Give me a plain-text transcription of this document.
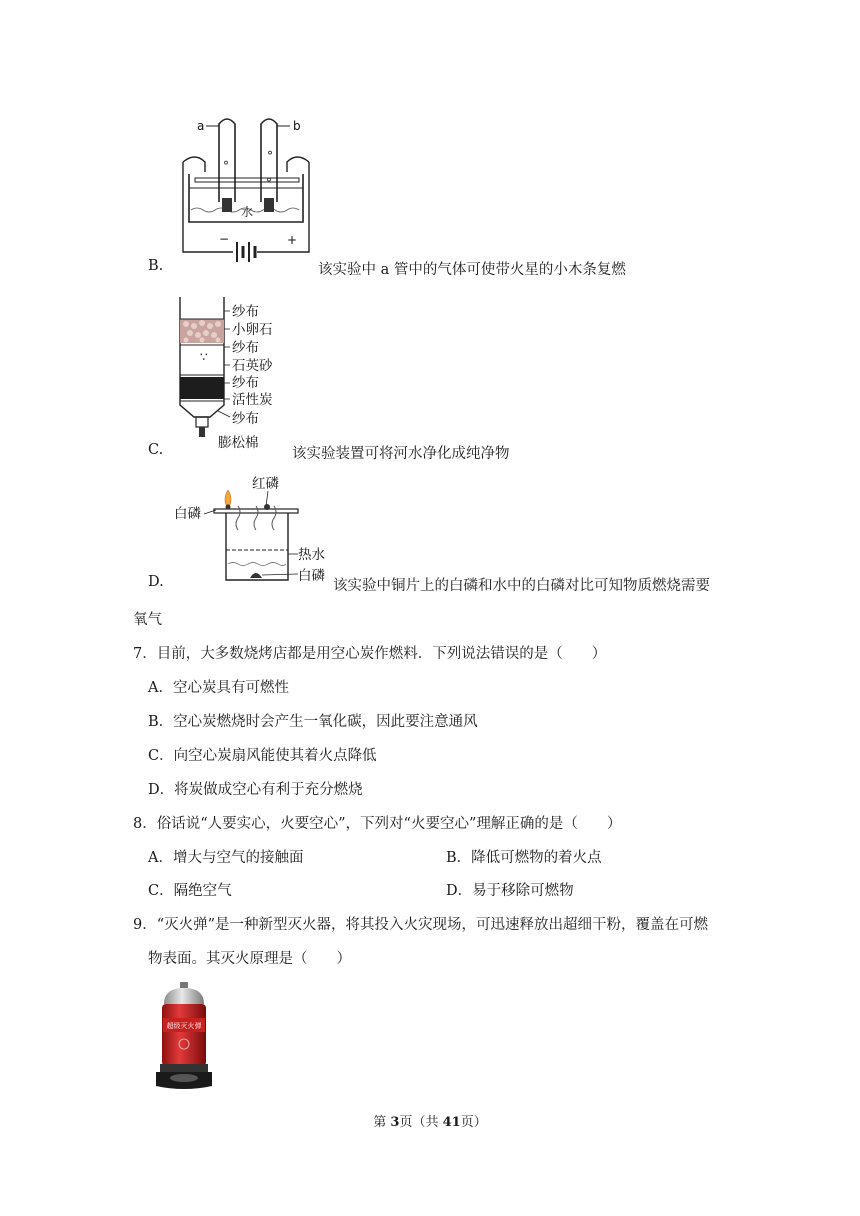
a	b
°
°
°
水
−	+
B.	该实验中 a 管中的气体可使带火星的小木条复燃
∵
纱布
小卵石
纱布
石英砂
纱布
活性炭
纱布
膨松棉
C.	该实验装置可将河水净化成纯净物
红磷
白磷
热水
白磷
D.	该实验中铜片上的白磷和水中的白磷对比可知物质燃烧需要
氧气
7．目前，大多数烧烤店都是用空心炭作燃料．下列说法错误的是（　　）
A．空心炭具有可燃性
B．空心炭燃烧时会产生一氧化碳，因此要注意通风
C．向空心炭扇风能使其着火点降低
D．将炭做成空心有利于充分燃烧
8．俗话说“人要实心，火要空心”，下列对“火要空心”理解正确的是（　　）
A．增大与空气的接触面	B．降低可燃物的着火点
C．隔绝空气	D．易于移除可燃物
9．“灭火弹”是一种新型灭火器，将其投入火灾现场，可迅速释放出超细干粉，覆盖在可燃
物表面。其灭火原理是（　　）
超级灭火弹
第 3页（共 41页）
